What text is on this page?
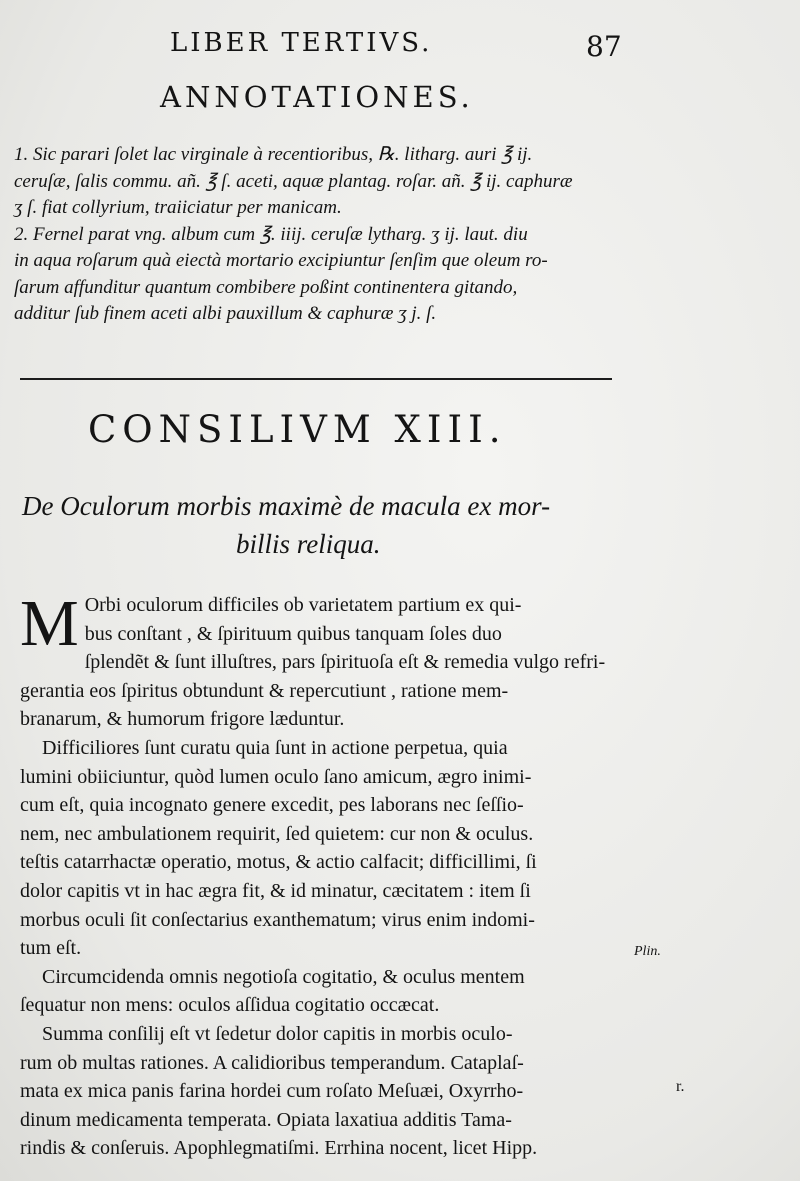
LIBER TERTIVS.	87
ANNOTATIONES.
1. Sic parari ſolet lac virginale à recentioribus, ℞. litharg. auri ℥ ij.
ceruſæ, ſalis commu. añ. ℥ ſ. aceti, aquæ plantag. roſar. añ. ℥ ij. caphuræ
ʒ ſ. fiat collyrium, traiiciatur per manicam.
2. Fernel parat vng. album cum ℥. iiij. ceruſæ lytharg. ʒ ij. laut. diu
in aqua roſarum quà eiectà mortario excipiuntur ſenſim que oleum ro-
ſarum affunditur quantum combibere poßint continentera gitando,
additur ſub finem aceti albi pauxillum & caphuræ ʒ j. ſ.
CONSILIVM XIII.
De Oculorum morbis maximè de macula ex mor-
billis reliqua.

M Orbi oculorum difficiles ob varietatem partium ex qui-
bus conſtant , & ſpirituum quibus tanquam ſoles duo
ſplendẽt & ſunt illuſtres, pars ſpirituoſa eſt & remedia vulgo refri-
gerantia eos ſpiritus obtundunt & repercutiunt , ratione mem-
branarum, & humorum frigore læduntur.

Difficiliores ſunt curatu quia ſunt in actione perpetua, quia
lumini obiiciuntur, quòd lumen oculo ſano amicum, ægro inimi-
cum eſt, quia incognato genere excedit, pes laborans nec ſeſſio-
nem, nec ambulationem requirit, ſed quietem: cur non & oculus.
teſtis catarrhactæ operatio, motus, & actio calfacit; difficillimi, ſi
dolor capitis vt in hac ægra fit, & id minatur, cæcitatem : item ſi
morbus oculi ſit conſectarius exanthematum; virus enim indomi-
tum eſt.

Circumcidenda omnis negotioſa cogitatio, & oculus mentem
ſequatur non mens: oculos aſſidua cogitatio occæcat.

Summa conſilij eſt vt ſedetur dolor capitis in morbis oculo-
rum ob multas rationes. A calidioribus temperandum. Cataplaſ-
mata ex mica panis farina hordei cum roſato Meſuæi, Oxyrrho-
dinum medicamenta temperata. Opiata laxatiua additis Tama-
rindis & conſeruis. Apophlegmatiſmi. Errhina nocent, licet Hipp.

Plin.
r.
